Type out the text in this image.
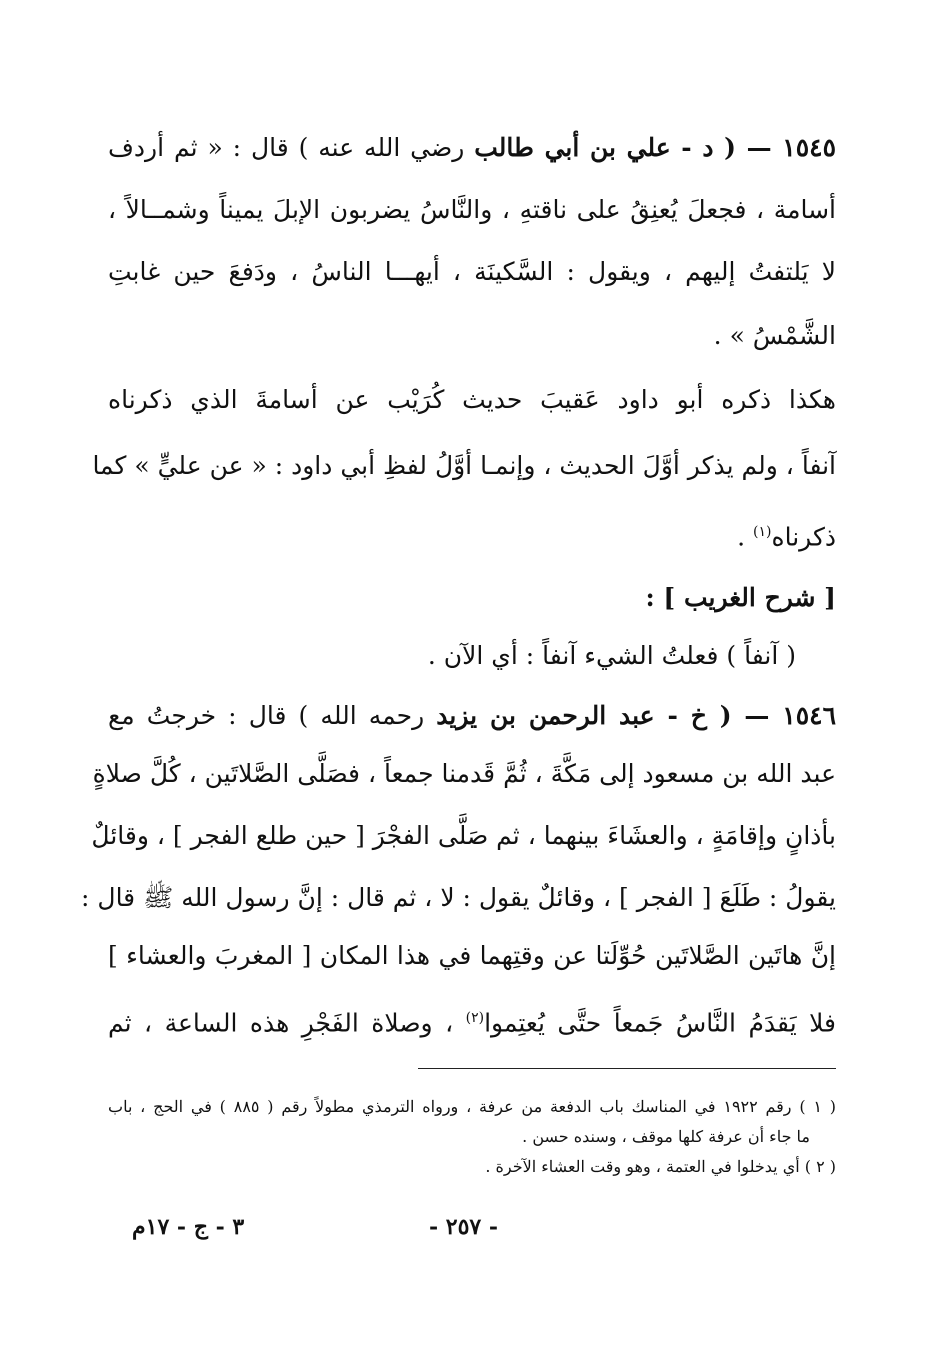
١٥٤٥ — ( د - علي بن أبي طالب رضي الله عنه ) قال : « ثم أردف
أسامة ، فجعلَ يُعنِقُ على ناقتهِ ، والنَّاسُ يضربون الإبلَ يميناً وشمــالاً ،
لا يَلتفتُ إليهم ، ويقول : السَّكينَة ، أيهـــا الناسُ ، ودَفعَ حين غابتِ
الشَّمْسُ » .
هكذا ذكره أبو داود عَقيبَ حديث كُرَيْب عن أسامةَ الذي ذكرناه
آنفاً ، ولم يذكر أوَّلَ الحديث ، وإنمـا أوَّلُ لفظِ أبي داود : « عن عليٍّ » كما
ذكرناه$^{(١)}$ .
[ شرح الغريب ] :
( آنفاً ) فعلتُ الشيء آنفاً : أي الآن .
١٥٤٦ — ( خ - عبد الرحمن بن يزيد رحمه الله ) قال : خرجتُ مع
عبد الله بن مسعود إلى مَكَّةَ ، ثُمَّ قَدمنا جمعاً ، فصَلَّى الصَّلاتَين ، كُلَّ صلاةٍ
بأذانٍ وإقامَةٍ ، والعشَاءَ بينهما ، ثم صَلَّى الفجْرَ [ حين طلع الفجر ] ، وقائلٌ
يقولُ : طَلَعَ [ الفجر ] ، وقائلٌ يقول : لا ، ثم قال : إنَّ رسول الله ﷺ قال :
إنَّ هاتَين الصَّلاتَين حُوِّلَتا عن وقتِهما في هذا المكان [ المغربَ والعشاء ]
فلا يَقدَمُ النَّاسُ جَمعاً حتَّى يُعتِموا$^{(٢)}$ ، وصلاة الفَجْرِ هذه الساعة ، ثم
( ١ ) رقم ١٩٢٢ في المناسك باب الدفعة من عرفة ، ورواه الترمذي مطولاً رقم ( ٨٨٥ ) في الحج ، باب
ما جاء أن عرفة كلها موقف ، وسنده حسن .
( ٢ ) أي يدخلوا في العتمة ، وهو وقت العشاء الآخرة .
- ٢٥٧ -
٣ - ج - ١٧م
